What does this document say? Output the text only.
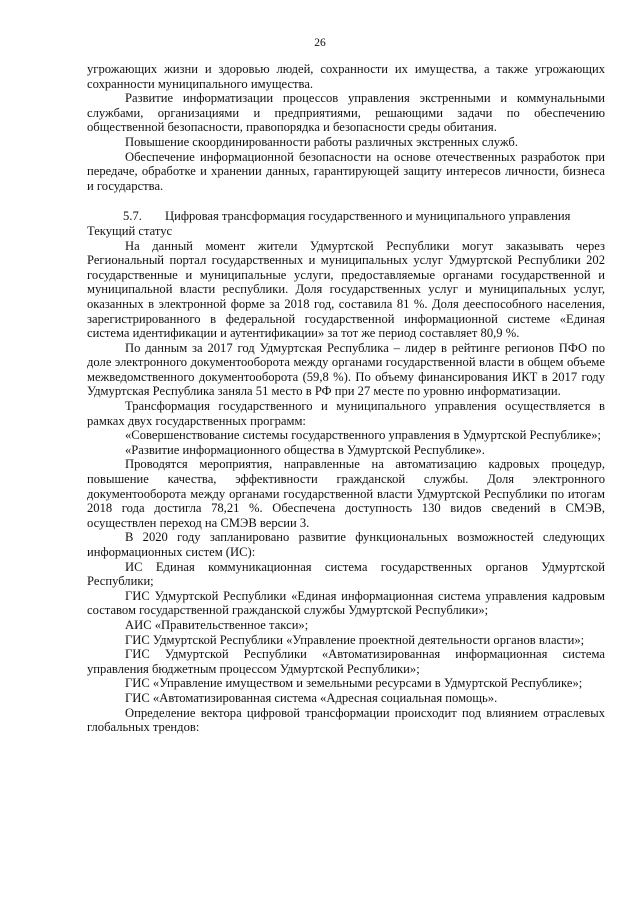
26

угрожающих жизни и здоровью людей, сохранности их имущества, а также угрожающих сохранности муниципального имущества.

Развитие информатизации процессов управления экстренными и коммунальными службами, организациями и предприятиями, решающими задачи по обеспечению общественной безопасности, правопорядка и безопасности среды обитания.

Повышение скоординированности работы различных экстренных служб.

Обеспечение информационной безопасности на основе отечественных разработок при передаче, обработке и хранении данных, гарантирующей защиту интересов личности, бизнеса и государства.

5.7.	Цифровая трансформация государственного и муниципального управления

Текущий статус

На данный момент жители Удмуртской Республики могут заказывать через Региональный портал государственных и муниципальных услуг Удмуртской Республики 202 государственные и муниципальные услуги, предоставляемые органами государственной и муниципальной власти республики. Доля государственных услуг и муниципальных услуг, оказанных в электронной форме за 2018 год, составила 81 %. Доля дееспособного населения, зарегистрированного в федеральной государственной информационной системе «Единая система идентификации и аутентификации» за тот же период составляет 80,9 %.

По данным за 2017 год Удмуртская Республика – лидер в рейтинге регионов ПФО по доле электронного документооборота между органами государственной власти в общем объеме межведомственного документооборота (59,8 %). По объему финансирования ИКТ в 2017 году Удмуртская Республика заняла 51 место в РФ при 27 месте по уровню информатизации.

Трансформация государственного и муниципального управления осуществляется в рамках двух государственных программ:

«Совершенствование системы государственного управления в Удмуртской Республике»;

«Развитие информационного общества в Удмуртской Республике».

Проводятся мероприятия, направленные на автоматизацию кадровых процедур, повышение качества, эффективности гражданской службы. Доля электронного документооборота между органами государственной власти Удмуртской Республики по итогам 2018 года достигла 78,21 %. Обеспечена доступность 130 видов сведений в СМЭВ, осуществлен переход на СМЭВ версии 3.

В 2020 году запланировано развитие функциональных возможностей следующих информационных систем (ИС):

ИС Единая коммуникационная система государственных органов Удмуртской Республики;

ГИС Удмуртской Республики «Единая информационная система управления кадровым составом государственной гражданской службы Удмуртской Республики»;

АИС «Правительственное такси»;

ГИС Удмуртской Республики «Управление проектной деятельности органов власти»;

ГИС Удмуртской Республики «Автоматизированная информационная система управления бюджетным процессом Удмуртской Республики»;

ГИС «Управление имуществом и земельными ресурсами в Удмуртской Республике»;

ГИС «Автоматизированная система «Адресная социальная помощь».

Определение вектора цифровой трансформации происходит под влиянием отраслевых глобальных трендов:
